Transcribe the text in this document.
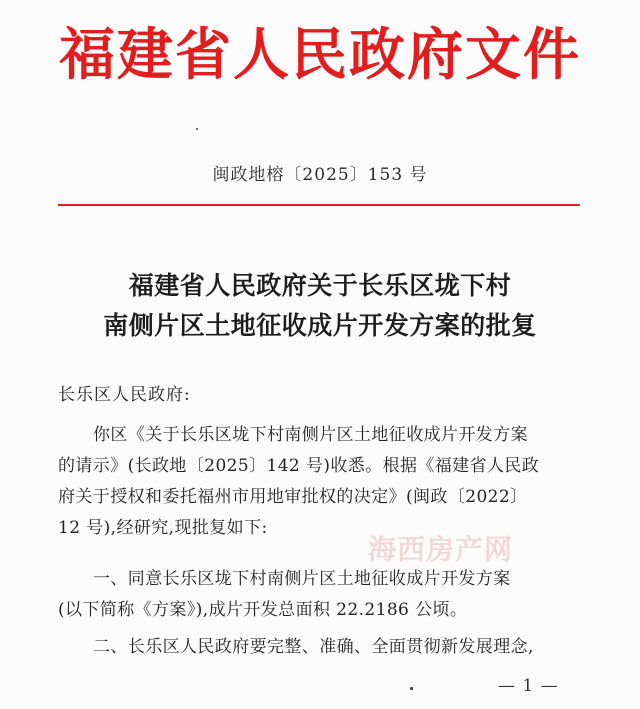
福建省人民政府文件
闽政地榕〔2025〕153 号
福建省人民政府关于长乐区垅下村
南侧片区土地征收成片开发方案的批复
长乐区人民政府:
你区《关于长乐区垅下村南侧片区土地征收成片开发方案
的请示》(长政地〔2025〕142 号)收悉。根据《福建省人民政
府关于授权和委托福州市用地审批权的决定》(闽政〔2022〕
12 号),经研究,现批复如下:
海西房产网
一、同意长乐区垅下村南侧片区土地征收成片开发方案
(以下简称《方案》),成片开发总面积 22.2186 公顷。
二、长乐区人民政府要完整、准确、全面贯彻新发展理念,
— 1 —
